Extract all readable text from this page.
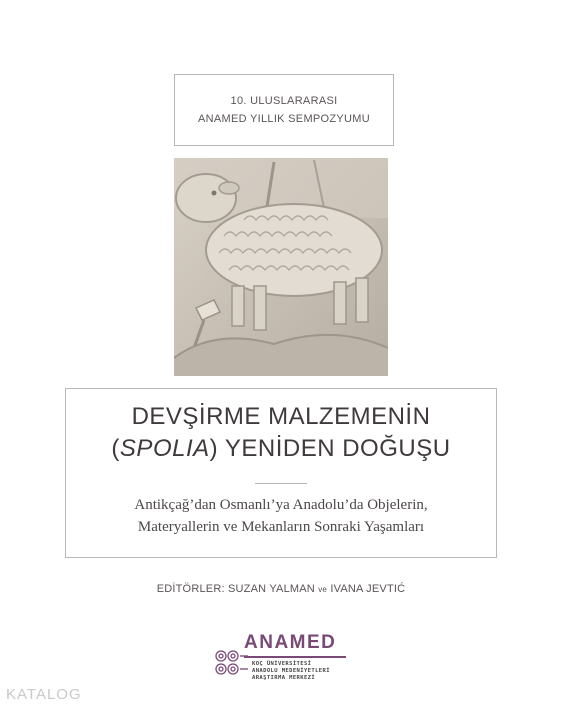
10. ULUSLARARASI
ANAMED YILLIK SEMPOZYUMU
DEVŞİRME MALZEMENİN
(SPOLIA) YENİDEN DOĞUŞU
Antikçağ’dan Osmanlı’ya Anadolu’da Objelerin,
Materyallerin ve Mekanların Sonraki Yaşamları
EDİTÖRLER: SUZAN YALMAN ve IVANA JEVTIĆ
ANAMED
KOÇ ÜNİVERSİTESİ
ANADOLU MEDENİYETLERİ
ARAŞTIRMA MERKEZİ
KATALOG
